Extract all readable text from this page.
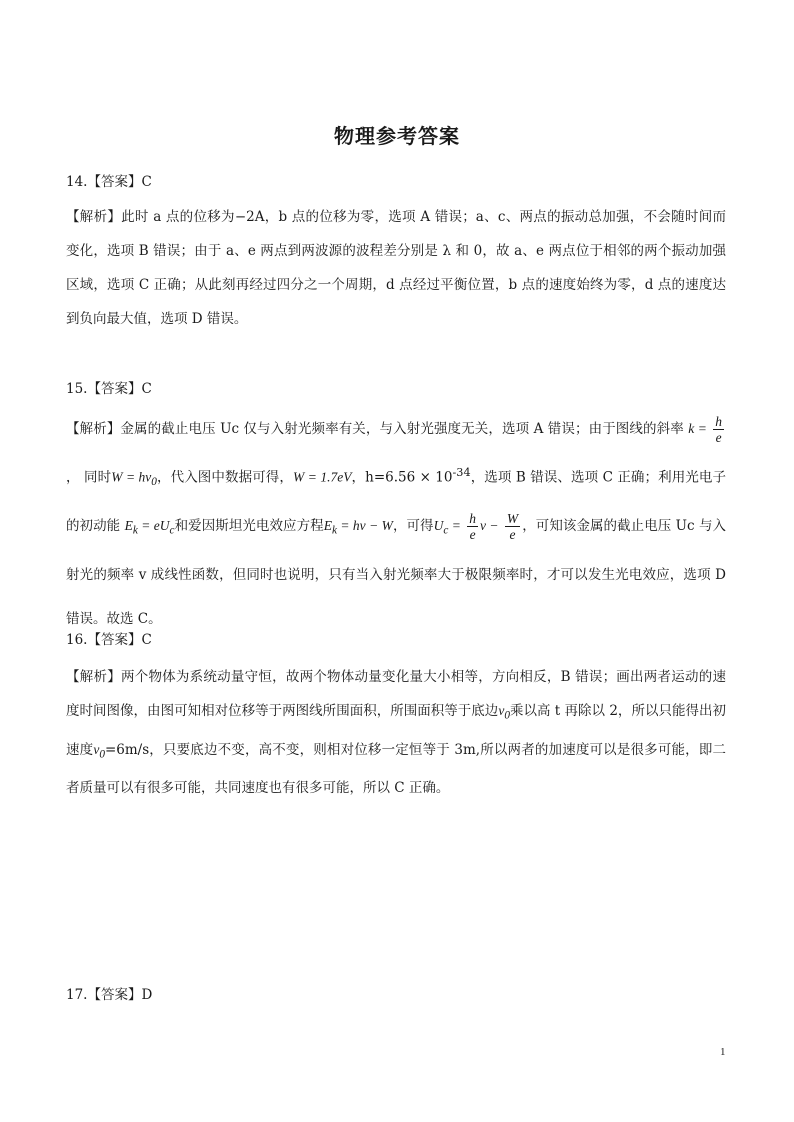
物理参考答案
14.【答案】C
【解析】此时 a 点的位移为−2A，b 点的位移为零，选项 A 错误；a、c、两点的振动总加强，不会随时间而变化，选项 B 错误；由于 a、e 两点到两波源的波程差分别是 λ 和 0，故 a、e 两点位于相邻的两个振动加强区域，选项 C 正确；从此刻再经过四分之一个周期，d 点经过平衡位置，b 点的速度始终为零，d 点的速度达到负向最大值，选项 D 错误。
15.【答案】C
【解析】金属的截止电压 Uc 仅与入射光频率有关，与入射光强度无关，选项 A 错误；由于图线的斜率 $k = \frac{h}{e}$
， 同时$W = h\nu_0$，代入图中数据可得，W = 1.7eV，$h=6.56 \times 10^{-34}$，选项 B 错误、选项 C 正确；利用光电子的初动能 $E_k = eU_c$和爱因斯坦光电效应方程$E_k = h\nu - W$，可得$U_c = \frac{h}{e}$ $\nu - \frac{W}{e}$ ，可知该金属的截止电压 Uc 与入射光的频率 v 成线性函数，但同时也说明，只有当入射光频率大于极限频率时，才可以发生光电效应，选项 D 错误。故选 C。
16.【答案】C
【解析】两个物体为系统动量守恒，故两个物体动量变化量大小相等，方向相反，B 错误；画出两者运动的速度时间图像，由图可知相对位移等于两图线所围面积，所围面积等于底边$v_0$乘以高 t 再除以 2，所以只能得出初速度$v_0=6m/s$，只要底边不变，高不变，则相对位移一定恒等于 3m,所以两者的加速度可以是很多可能，即二者质量可以有很多可能，共同速度也有很多可能，所以 C 正确。
17.【答案】D
1
